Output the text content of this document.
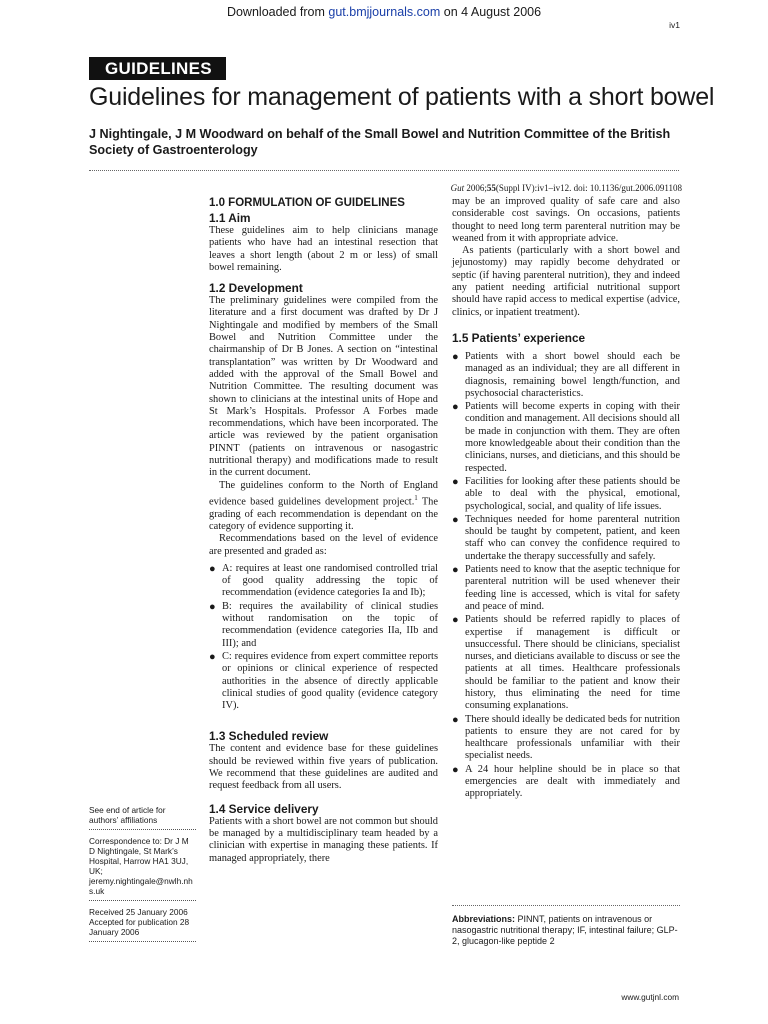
Downloaded from gut.bmjjournals.com on 4 August 2006
iv1
GUIDELINES
Guidelines for management of patients with a short bowel
J Nightingale, J M Woodward on behalf of the Small Bowel and Nutrition Committee of the British Society of Gastroenterology
Gut 2006;55(Suppl IV):iv1–iv12. doi: 10.1136/gut.2006.091108
1.0 FORMULATION OF GUIDELINES
1.1 Aim

These guidelines aim to help clinicians manage patients who have had an intestinal resection that leaves a short length (about 2 m or less) of small bowel remaining.

1.2 Development

The preliminary guidelines were compiled from the literature and a first document was drafted by Dr J Nightingale and modified by members of the Small Bowel and Nutrition Committee under the chairmanship of Dr B Jones. A section on “intestinal transplantation” was written by Dr Woodward and added with the approval of the Small Bowel and Nutrition Committee. The resulting document was shown to clinicians at the intestinal units of Hope and St Mark’s Hospitals. Professor A Forbes made recommendations, which have been incorporated. The article was reviewed by the patient organisation PINNT (patients on intravenous or nasogastric nutritional therapy) and modifications made to result in the current document.

The guidelines conform to the North of England evidence based guidelines development project.$^1$ The grading of each recommendation is dependant on the category of evidence supporting it.

Recommendations based on the level of evidence are presented and graded as:

● A: requires at least one randomised controlled trial of good quality addressing the topic of recommendation (evidence categories Ia and Ib);
● B: requires the availability of clinical studies without randomisation on the topic of recommendation (evidence categories IIa, IIb and III); and
● C: requires evidence from expert committee reports or opinions or clinical experience of respected authorities in the absence of directly applicable clinical studies of good quality (evidence category IV).
1.3 Scheduled review

The content and evidence base for these guidelines should be reviewed within five years of publication. We recommend that these guidelines are audited and request feedback from all users.

1.4 Service delivery

Patients with a short bowel are not common but should be managed by a multidisciplinary team headed by a clinician with expertise in managing these patients. If managed appropriately, there

may be an improved quality of safe care and also considerable cost savings. On occasions, patients thought to need long term parenteral nutrition may be weaned from it with appropriate advice.

As patients (particularly with a short bowel and jejunostomy) may rapidly become dehydrated or septic (if having parenteral nutrition), they and indeed any patient needing artificial nutritional support should have rapid access to medical expertise (advice, clinics, or inpatient treatment).

1.5 Patients’ experience
● Patients with a short bowel should each be managed as an individual; they are all different in diagnosis, remaining bowel length/function, and psychosocial characteristics.
● Patients will become experts in coping with their condition and management. All decisions should all be made in conjunction with them. They are often more knowledgeable about their condition than the clinicians, nurses, and dieticians, and this should be respected.
● Facilities for looking after these patients should be able to deal with the physical, emotional, psychological, social, and quality of life issues.
● Techniques needed for home parenteral nutrition should be taught by competent, patient, and keen staff who can convey the confidence required to undertake the therapy successfully and safely.
● Patients need to know that the aseptic technique for parenteral nutrition will be used whenever their feeding line is accessed, which is vital for safety and peace of mind.
● Patients should be referred rapidly to places of expertise if management is difficult or unsuccessful. There should be clinicians, specialist nurses, and dieticians available to discuss or see the patients at all times. Healthcare professionals should be familiar to the patient and know their history, thus eliminating the need for time consuming explanations.
● There should ideally be dedicated beds for nutrition patients to ensure they are not cared for by healthcare professionals unfamiliar with their specialist needs.
● A 24 hour helpline should be in place so that emergencies are dealt with immediately and appropriately.
Abbreviations: PINNT, patients on intravenous or nasogastric nutritional therapy; IF, intestinal failure; GLP-2, glucagon-like peptide 2

See end of article for authors’ affiliations

Correspondence to: Dr J M D Nightingale, St Mark’s Hospital, Harrow HA1 3UJ, UK; jeremy.nightingale@nwlh.nhs.uk

Received 25 January 2006

Accepted for publication 28 January 2006

www.gutjnl.com
